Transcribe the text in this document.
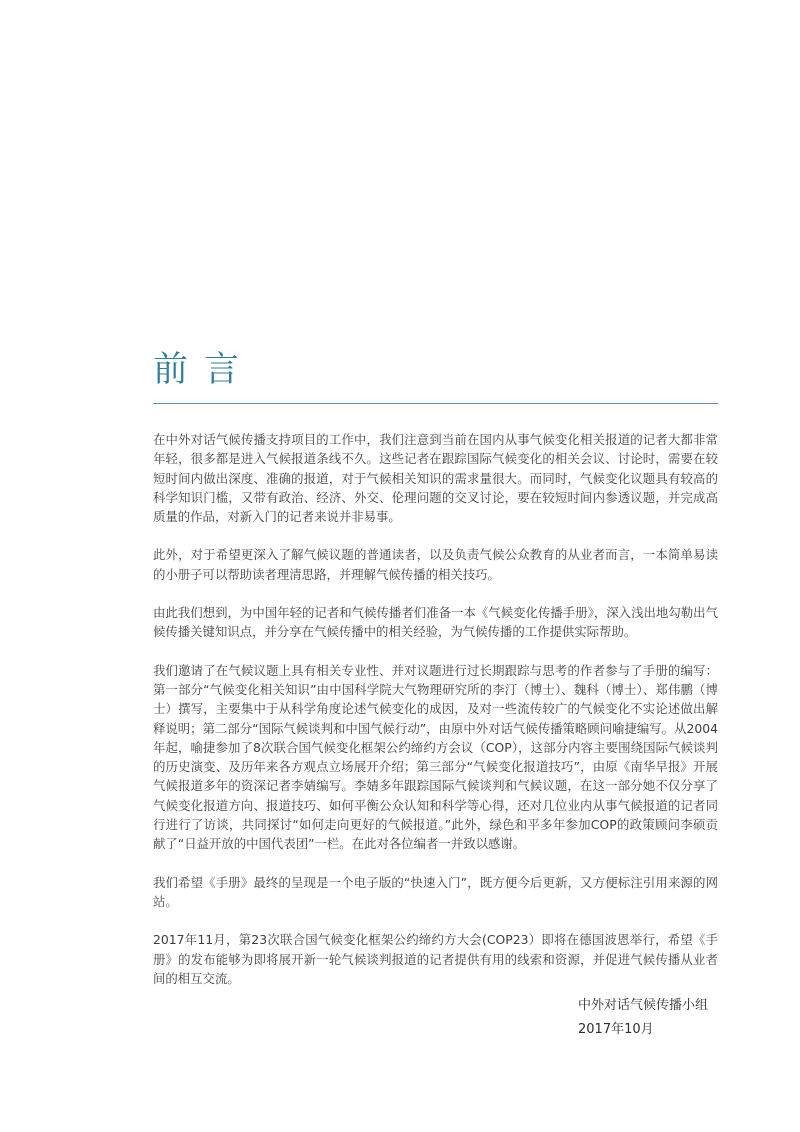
前言

在中外对话气候传播支持项目的工作中，我们注意到当前在国内从事气候变化相关报道的记者大都非常年轻，很多都是进入气候报道条线不久。这些记者在跟踪国际气候变化的相关会议、讨论时，需要在较短时间内做出深度、准确的报道，对于气候相关知识的需求量很大。而同时，气候变化议题具有较高的科学知识门槛，又带有政治、经济、外交、伦理问题的交叉讨论，要在较短时间内参透议题，并完成高质量的作品，对新入门的记者来说并非易事。

此外，对于希望更深入了解气候议题的普通读者，以及负责气候公众教育的从业者而言，一本简单易读的小册子可以帮助读者理清思路，并理解气候传播的相关技巧。

由此我们想到，为中国年轻的记者和气候传播者们准备一本《气候变化传播手册》，深入浅出地勾勒出气候传播关键知识点，并分享在气候传播中的相关经验，为气候传播的工作提供实际帮助。

我们邀请了在气候议题上具有相关专业性、并对议题进行过长期跟踪与思考的作者参与了手册的编写：第一部分“气候变化相关知识”由中国科学院大气物理研究所的李汀（博士）、魏科（博士）、郑伟鹏（博士）撰写，主要集中于从科学角度论述气候变化的成因，及对一些流传较广的气候变化不实论述做出解释说明；第二部分“国际气候谈判和中国气候行动”，由原中外对话气候传播策略顾问喻捷编写。从2004年起，喻捷参加了8次联合国气候变化框架公约缔约方会议（COP），这部分内容主要围绕国际气候谈判的历史演变、及历年来各方观点立场展开介绍；第三部分“气候变化报道技巧”，由原《南华早报》开展气候报道多年的资深记者李婧编写。李婧多年跟踪国际气候谈判和气候议题，在这一部分她不仅分享了气候变化报道方向、报道技巧、如何平衡公众认知和科学等心得，还对几位业内从事气候报道的记者同行进行了访谈，共同探讨“如何走向更好的气候报道。”此外，绿色和平多年参加COP的政策顾问李硕贡献了“日益开放的中国代表团”一栏。在此对各位编者一并致以感谢。

我们希望《手册》最终的呈现是一个电子版的“快速入门”，既方便今后更新，又方便标注引用来源的网站。

2017年11月，第23次联合国气候变化框架公约缔约方大会(COP23）即将在德国波恩举行，希望《手册》的发布能够为即将展开新一轮气候谈判报道的记者提供有用的线索和资源，并促进气候传播从业者间的相互交流。

中外对话气候传播小组

2017年10月
